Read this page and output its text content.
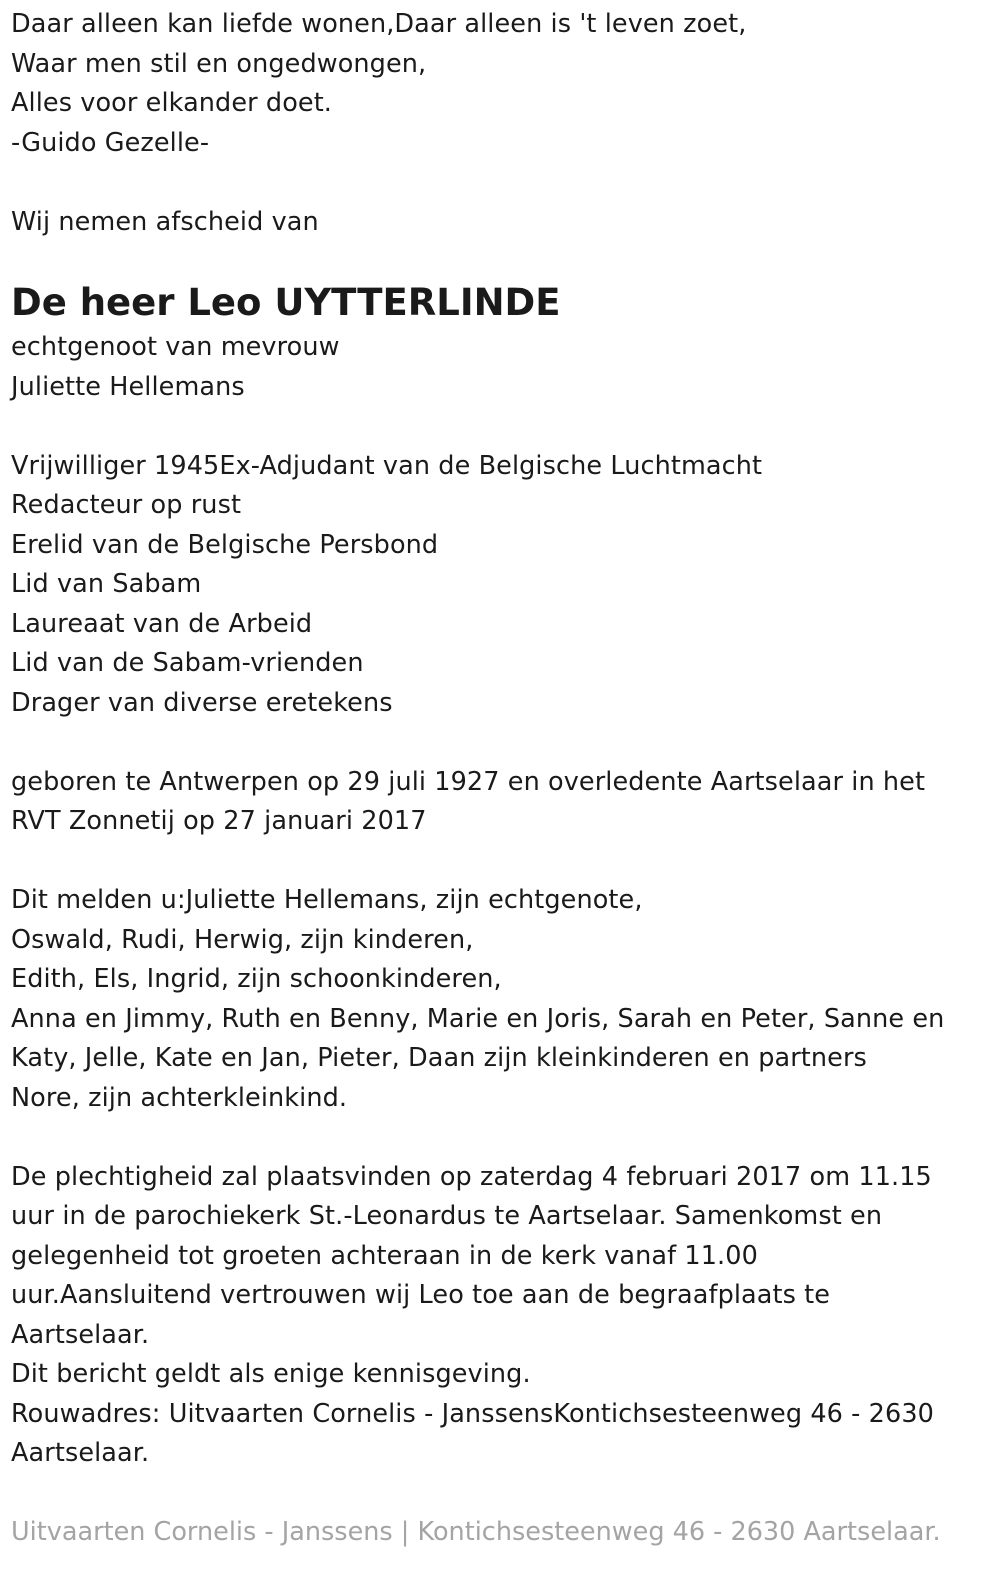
Daar alleen kan liefde wonen,Daar alleen is 't leven zoet,
Waar men stil en ongedwongen,
Alles voor elkander doet.
-Guido Gezelle-
Wij nemen afscheid van
De heer Leo UYTTERLINDE
echtgenoot van mevrouw
Juliette Hellemans
Vrijwilliger 1945Ex-Adjudant van de Belgische Luchtmacht
Redacteur op rust
Erelid van de Belgische Persbond
Lid van Sabam
Laureaat van de Arbeid
Lid van de Sabam-vrienden
Drager van diverse eretekens
geboren te Antwerpen op 29 juli 1927 en overledente Aartselaar in het
RVT Zonnetij op 27 januari 2017
Dit melden u:Juliette Hellemans, zijn echtgenote,
Oswald, Rudi, Herwig, zijn kinderen,
Edith, Els, Ingrid, zijn schoonkinderen,
Anna en Jimmy, Ruth en Benny, Marie en Joris, Sarah en Peter, Sanne en
Katy, Jelle, Kate en Jan, Pieter, Daan zijn kleinkinderen en partners
Nore, zijn achterkleinkind.
De plechtigheid zal plaatsvinden op zaterdag 4 februari 2017 om 11.15
uur in de parochiekerk St.-Leonardus te Aartselaar. Samenkomst en
gelegenheid tot groeten achteraan in de kerk vanaf 11.00
uur.Aansluitend vertrouwen wij Leo toe aan de begraafplaats te
Aartselaar.
Dit bericht geldt als enige kennisgeving.
Rouwadres: Uitvaarten Cornelis - JanssensKontichsesteenweg 46 - 2630
Aartselaar.
Uitvaarten Cornelis - Janssens | Kontichsesteenweg 46 - 2630 Aartselaar.
